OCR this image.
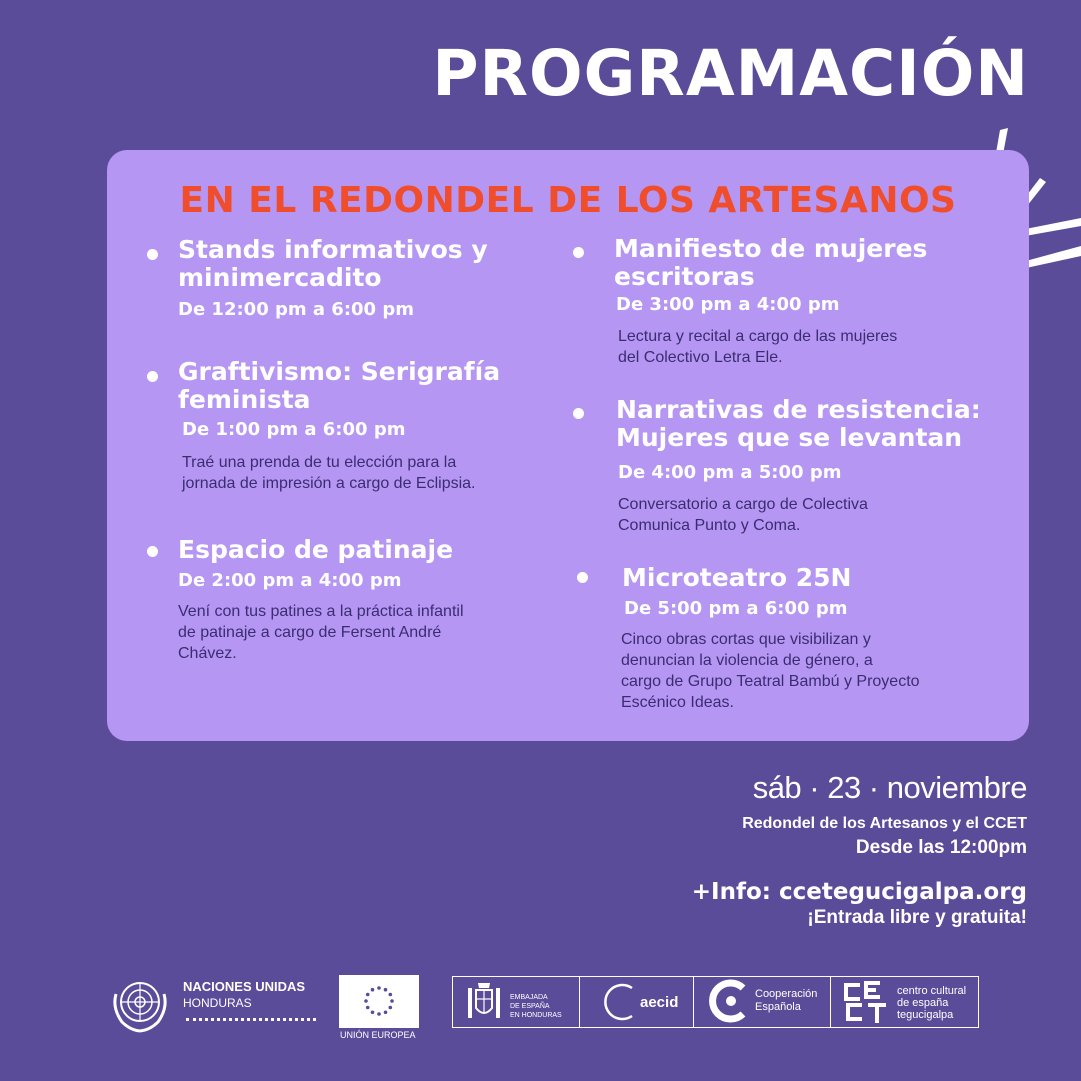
PROGRAMACIÓN
EN EL REDONDEL DE LOS ARTESANOS
Stands informativos y
minimercadito
De 12:00 pm a 6:00 pm
Graftivismo: Serigrafía
feminista
De 1:00 pm a 6:00 pm
Traé una prenda de tu elección para la
jornada de impresión a cargo de Eclipsia.
Espacio de patinaje
De 2:00 pm a 4:00 pm
Vení con tus patines a la práctica infantil
de patinaje a cargo de Fersent André
Chávez.
Manifiesto de mujeres
escritoras
De 3:00 pm a 4:00 pm
Lectura y recital a cargo de las mujeres
del Colectivo Letra Ele.
Narrativas de resistencia:
Mujeres que se levantan
De 4:00 pm a 5:00 pm
Conversatorio a cargo de Colectiva
Comunica Punto y Coma.
Microteatro 25N
De 5:00 pm a 6:00 pm
Cinco obras cortas que visibilizan y
denuncian la violencia de género, a
cargo de Grupo Teatral Bambú y Proyecto
Escénico Ideas.
sáb · 23 · noviembre
Redondel de los Artesanos y el CCET
Desde las 12:00pm
+Info: ccetegucigalpa.org
¡Entrada libre y gratuita!
NACIONES UNIDAS
HONDURAS
UNIÓN EUROPEA
EMBAJADA
DE ESPAÑA
EN HONDURAS
aecid	Cooperación
Española
centro cultural
de españa
tegucigalpa
